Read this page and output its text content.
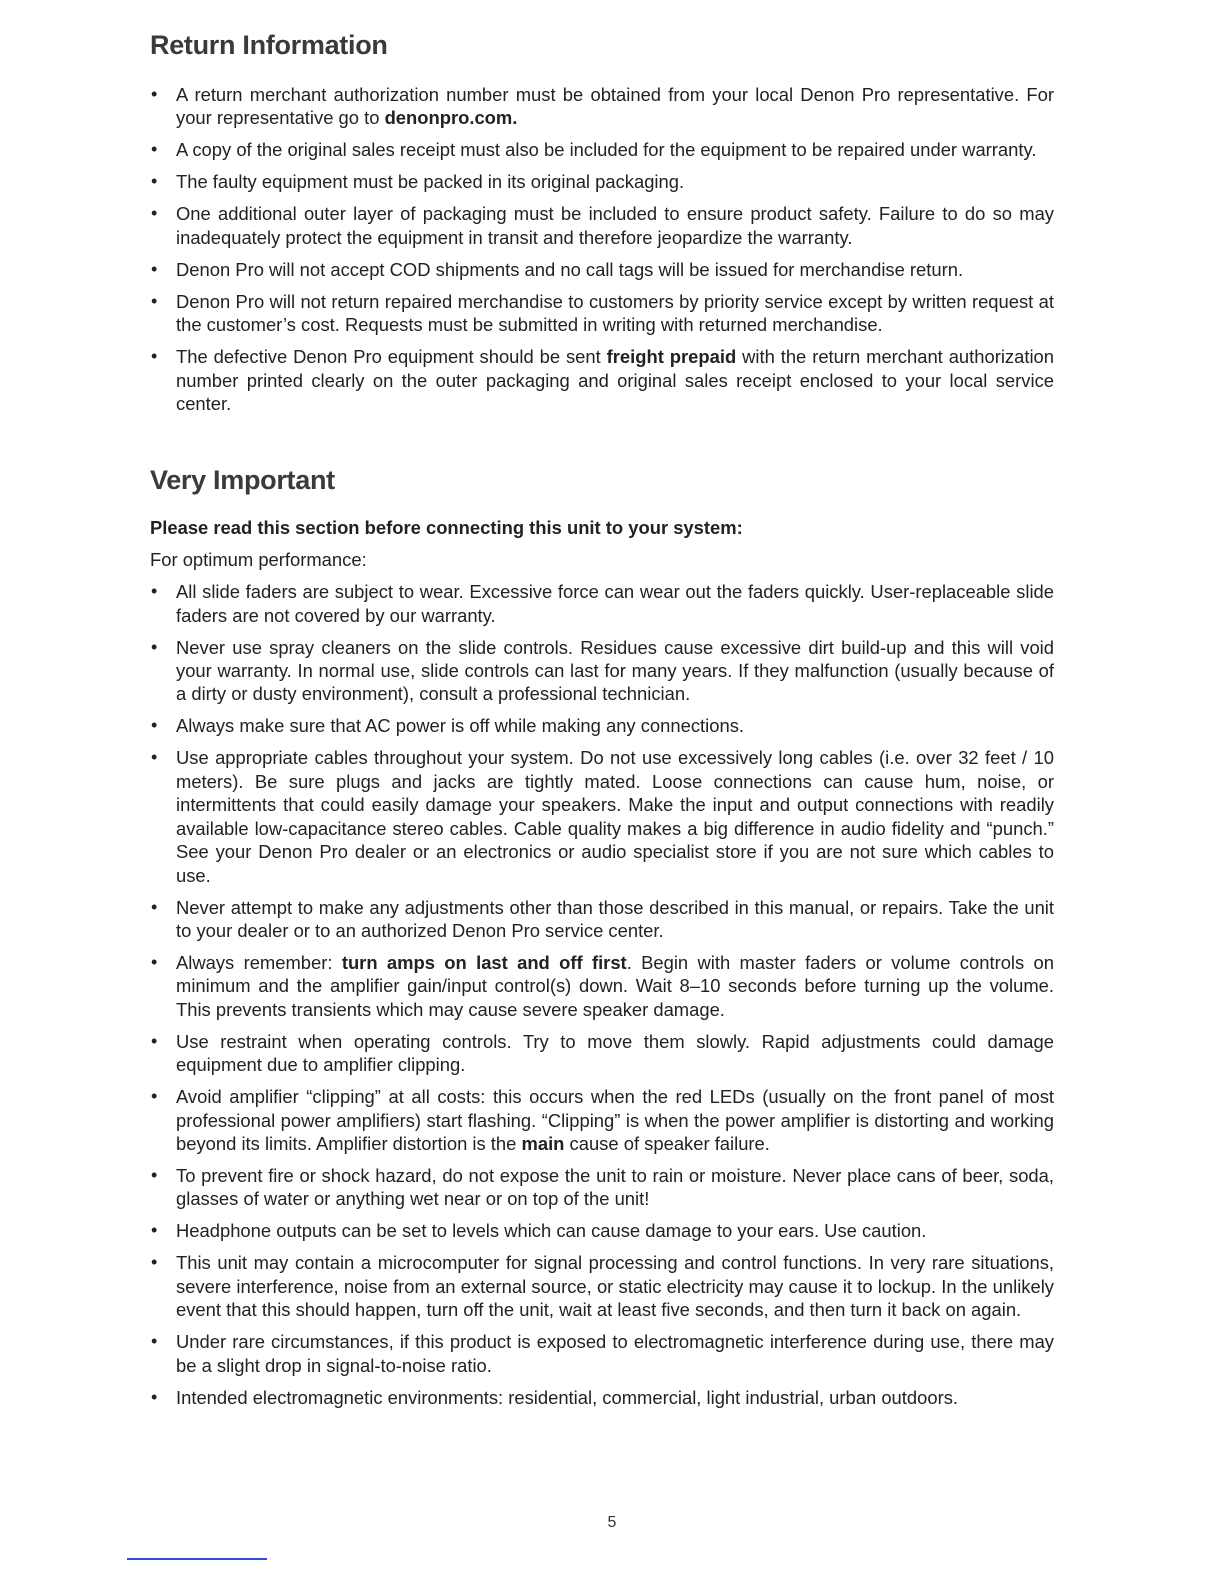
Return Information
• A return merchant authorization number must be obtained from your local Denon Pro representative. For your representative go to denonpro.com.
• A copy of the original sales receipt must also be included for the equipment to be repaired under warranty.
• The faulty equipment must be packed in its original packaging.
• One additional outer layer of packaging must be included to ensure product safety. Failure to do so may inadequately protect the equipment in transit and therefore jeopardize the warranty.
• Denon Pro will not accept COD shipments and no call tags will be issued for merchandise return.
• Denon Pro will not return repaired merchandise to customers by priority service except by written request at the customer’s cost. Requests must be submitted in writing with returned merchandise.
• The defective Denon Pro equipment should be sent freight prepaid with the return merchant authorization number printed clearly on the outer packaging and original sales receipt enclosed to your local service center.
Very Important

Please read this section before connecting this unit to your system:

For optimum performance:

• All slide faders are subject to wear. Excessive force can wear out the faders quickly. User-replaceable slide faders are not covered by our warranty.
• Never use spray cleaners on the slide controls. Residues cause excessive dirt build-up and this will void your warranty. In normal use, slide controls can last for many years. If they malfunction (usually because of a dirty or dusty environment), consult a professional technician.
• Always make sure that AC power is off while making any connections.
• Use appropriate cables throughout your system. Do not use excessively long cables (i.e. over 32 feet / 10 meters). Be sure plugs and jacks are tightly mated. Loose connections can cause hum, noise, or intermittents that could easily damage your speakers. Make the input and output connections with readily available low-capacitance stereo cables. Cable quality makes a big difference in audio fidelity and “punch.” See your Denon Pro dealer or an electronics or audio specialist store if you are not sure which cables to use.
• Never attempt to make any adjustments other than those described in this manual, or repairs. Take the unit to your dealer or to an authorized Denon Pro service center.
• Always remember: turn amps on last and off first. Begin with master faders or volume controls on minimum and the amplifier gain/input control(s) down. Wait 8–10 seconds before turning up the volume. This prevents transients which may cause severe speaker damage.
• Use restraint when operating controls. Try to move them slowly. Rapid adjustments could damage equipment due to amplifier clipping.
• Avoid amplifier “clipping” at all costs: this occurs when the red LEDs (usually on the front panel of most professional power amplifiers) start flashing. “Clipping” is when the power amplifier is distorting and working beyond its limits. Amplifier distortion is the main cause of speaker failure.
• To prevent fire or shock hazard, do not expose the unit to rain or moisture. Never place cans of beer, soda, glasses of water or anything wet near or on top of the unit!
• Headphone outputs can be set to levels which can cause damage to your ears. Use caution.
• This unit may contain a microcomputer for signal processing and control functions. In very rare situations, severe interference, noise from an external source, or static electricity may cause it to lockup. In the unlikely event that this should happen, turn off the unit, wait at least five seconds, and then turn it back on again.
• Under rare circumstances, if this product is exposed to electromagnetic interference during use, there may be a slight drop in signal-to-noise ratio.
• Intended electromagnetic environments: residential, commercial, light industrial, urban outdoors.
5
